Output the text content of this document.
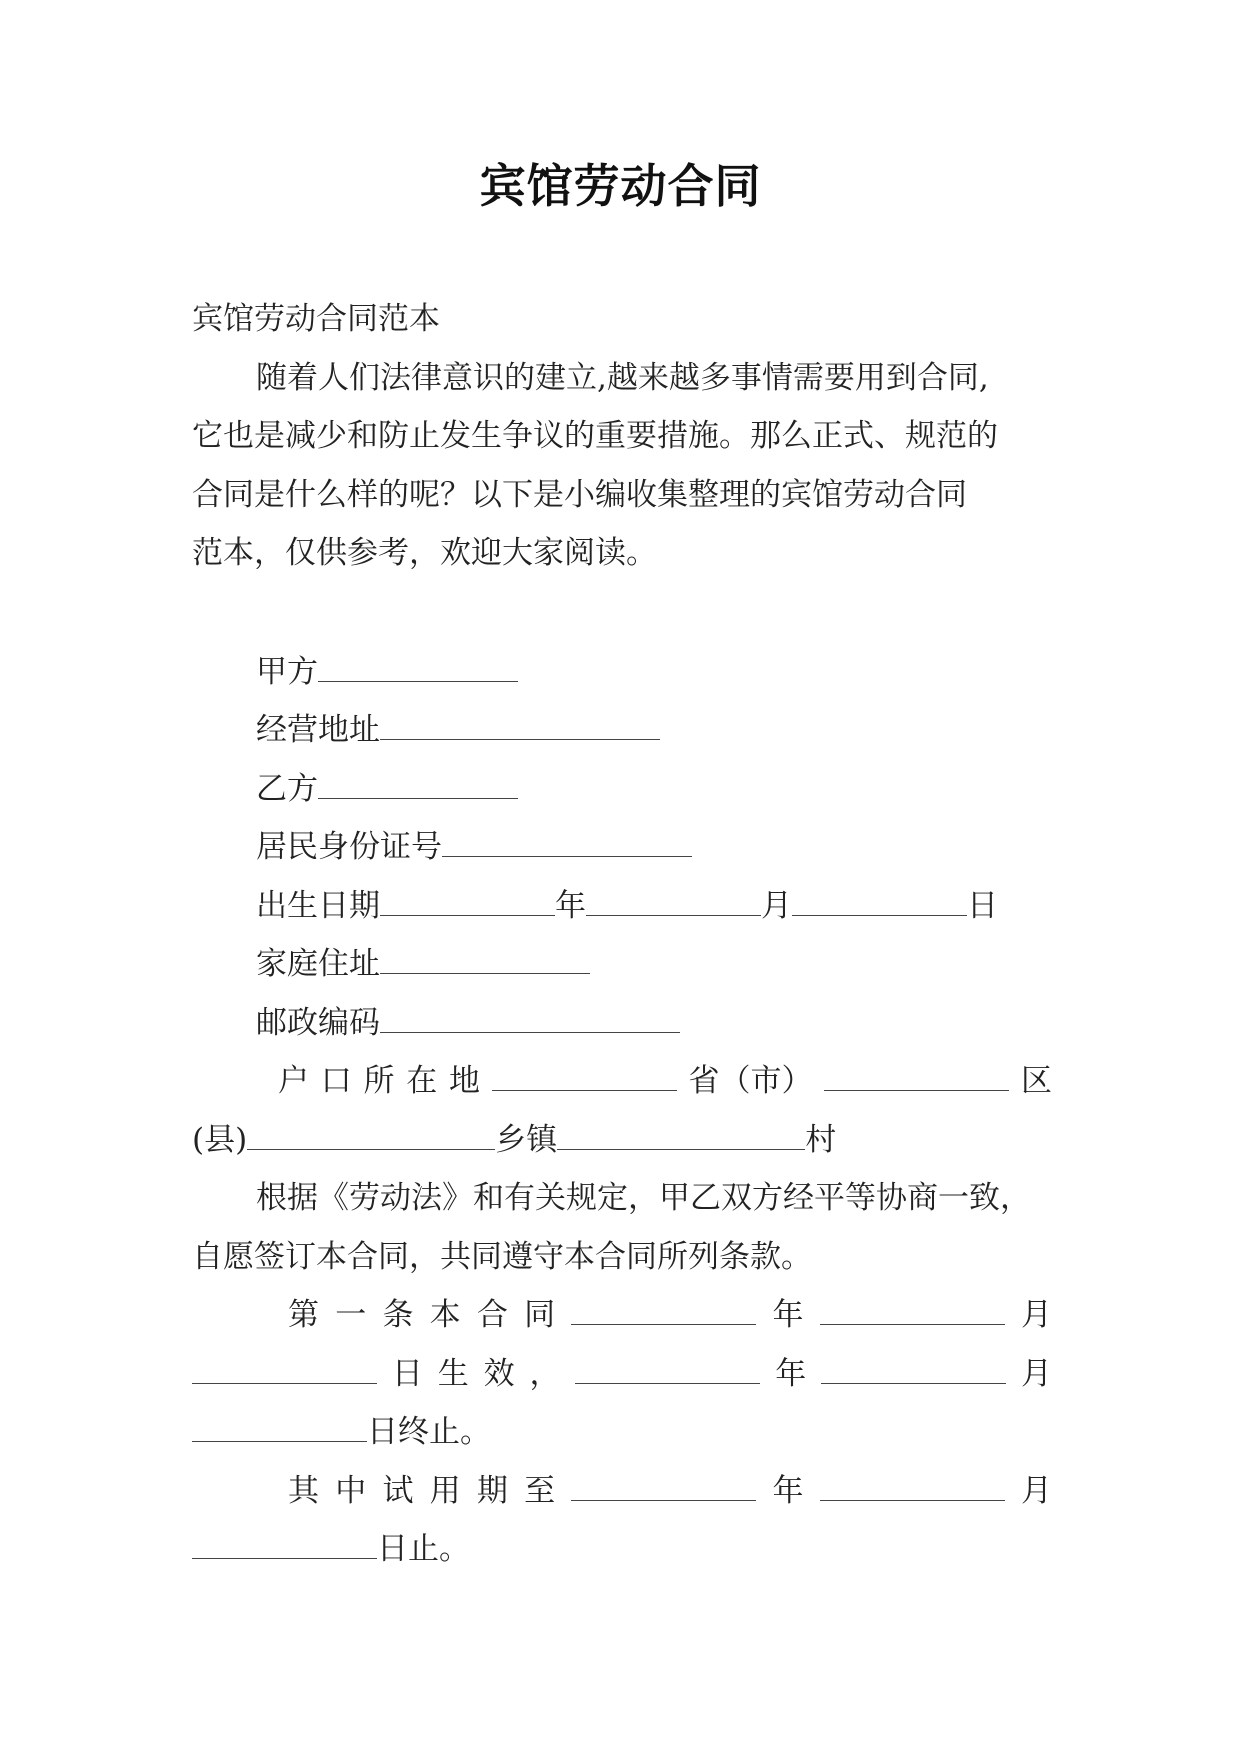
宾馆劳动合同
宾馆劳动合同范本
随着人们法律意识的建立,越来越多事情需要用到合同,
它也是减少和防止发生争议的重要措施。那么正式、规范的
合同是什么样的呢？以下是小编收集整理的宾馆劳动合同
范本，仅供参考，欢迎大家阅读。
甲方
经营地址
乙方
居民身份证号
出生日期	年	月	日
家庭住址
邮政编码
户 口 所 在 地	省（市）	区
(县)	乡镇	村
根据《劳动法》和有关规定，甲乙双方经平等协商一致，
自愿签订本合同，共同遵守本合同所列条款。
第 一 条 本 合 同	年	月
日 生 效 ，	年	月
日终止。
其 中 试 用 期 至	年	月
日止。
